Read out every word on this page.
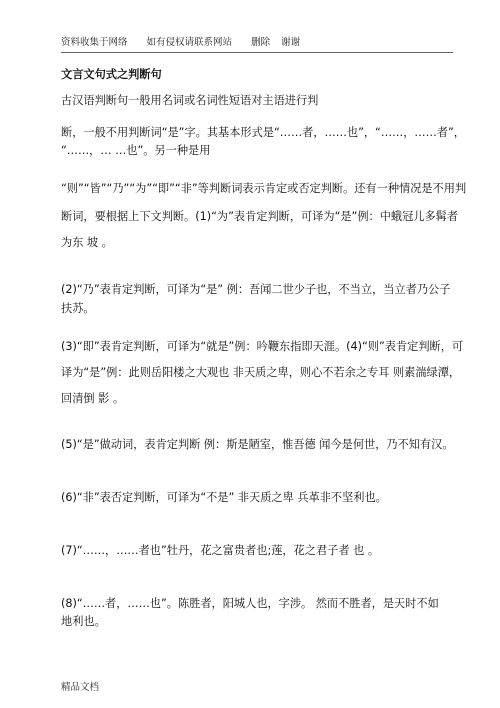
资料收集于网络 如有侵权请联系网站 删除 谢谢
文言文句式之判断句
古汉语判断句一般用名词或名词性短语对主语进行判
断，一般不用判断词“是”字。其基本形式是“……者，……也”，“……，……者”，
“……，… …也”。另一种是用
“则”“皆”“乃”“为”“即”“非”等判断词表示肯定或否定判断。还有一种情况是不用判
断词，要根据上下文判断。(1)“为”表肯定判断，可译为“是”例：中蛾冠儿多髯者
为东 坡 。
(2)“乃”表肯定判断，可译为“是” 例：吾闻二世少子也，不当立，当立者乃公子
扶苏。
(3)“即”表肯定判断，可译为“就是”例：吟鞭东指即天涯。(4)“则”表肯定判断，可
译为“是”例：此则岳阳楼之大观也 非天质之卑，则心不若余之专耳 则素湍绿潭，
回清倒 影 。
(5)“是”做动词，表肯定判断 例：斯是陋室，惟吾德 闻今是何世，乃不知有汉。
(6)“非”表否定判断，可译为“不是” 非天质之卑 兵革非不坚利也。
(7)“……，……者也”牡丹，花之富贵者也;莲，花之君子者 也 。
(8)“……者，……也”。陈胜者，阳城人也，字涉。 然而不胜者，是天时不如
地利也。
精品文档
